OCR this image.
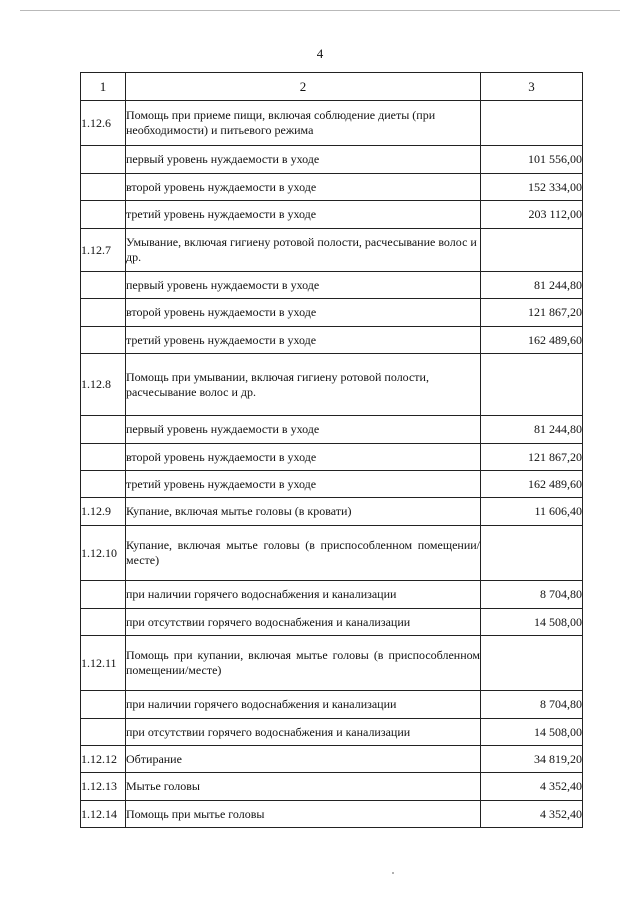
4
1	2	3
1.12.6	Помощь при приеме пищи, включая соблюдение диеты (при необходимости) и питьевого режима	
	первый уровень нуждаемости в уходе	101 556,00
	второй уровень нуждаемости в уходе	152 334,00
	третий уровень нуждаемости в уходе	203 112,00
1.12.7	Умывание, включая гигиену ротовой полости, расчесывание волос и др.	
	первый уровень нуждаемости в уходе	81 244,80
	второй уровень нуждаемости в уходе	121 867,20
	третий уровень нуждаемости в уходе	162 489,60
1.12.8	Помощь при умывании, включая гигиену ротовой полости, расчесывание волос и др.	
	первый уровень нуждаемости в уходе	81 244,80
	второй уровень нуждаемости в уходе	121 867,20
	третий уровень нуждаемости в уходе	162 489,60
1.12.9	Купание, включая мытье головы (в кровати)	11 606,40
1.12.10	Купание, включая мытье головы (в приспособленном помещении/месте)	
	при наличии горячего водоснабжения и канализации	8 704,80
	при отсутствии горячего водоснабжения и канализации	14 508,00
1.12.11	Помощь при купании, включая мытье головы (в приспособленном помещении/месте)	
	при наличии горячего водоснабжения и канализации	8 704,80
	при отсутствии горячего водоснабжения и канализации	14 508,00
1.12.12	Обтирание	34 819,20
1.12.13	Мытье головы	4 352,40
1.12.14	Помощь при мытье головы	4 352,40
